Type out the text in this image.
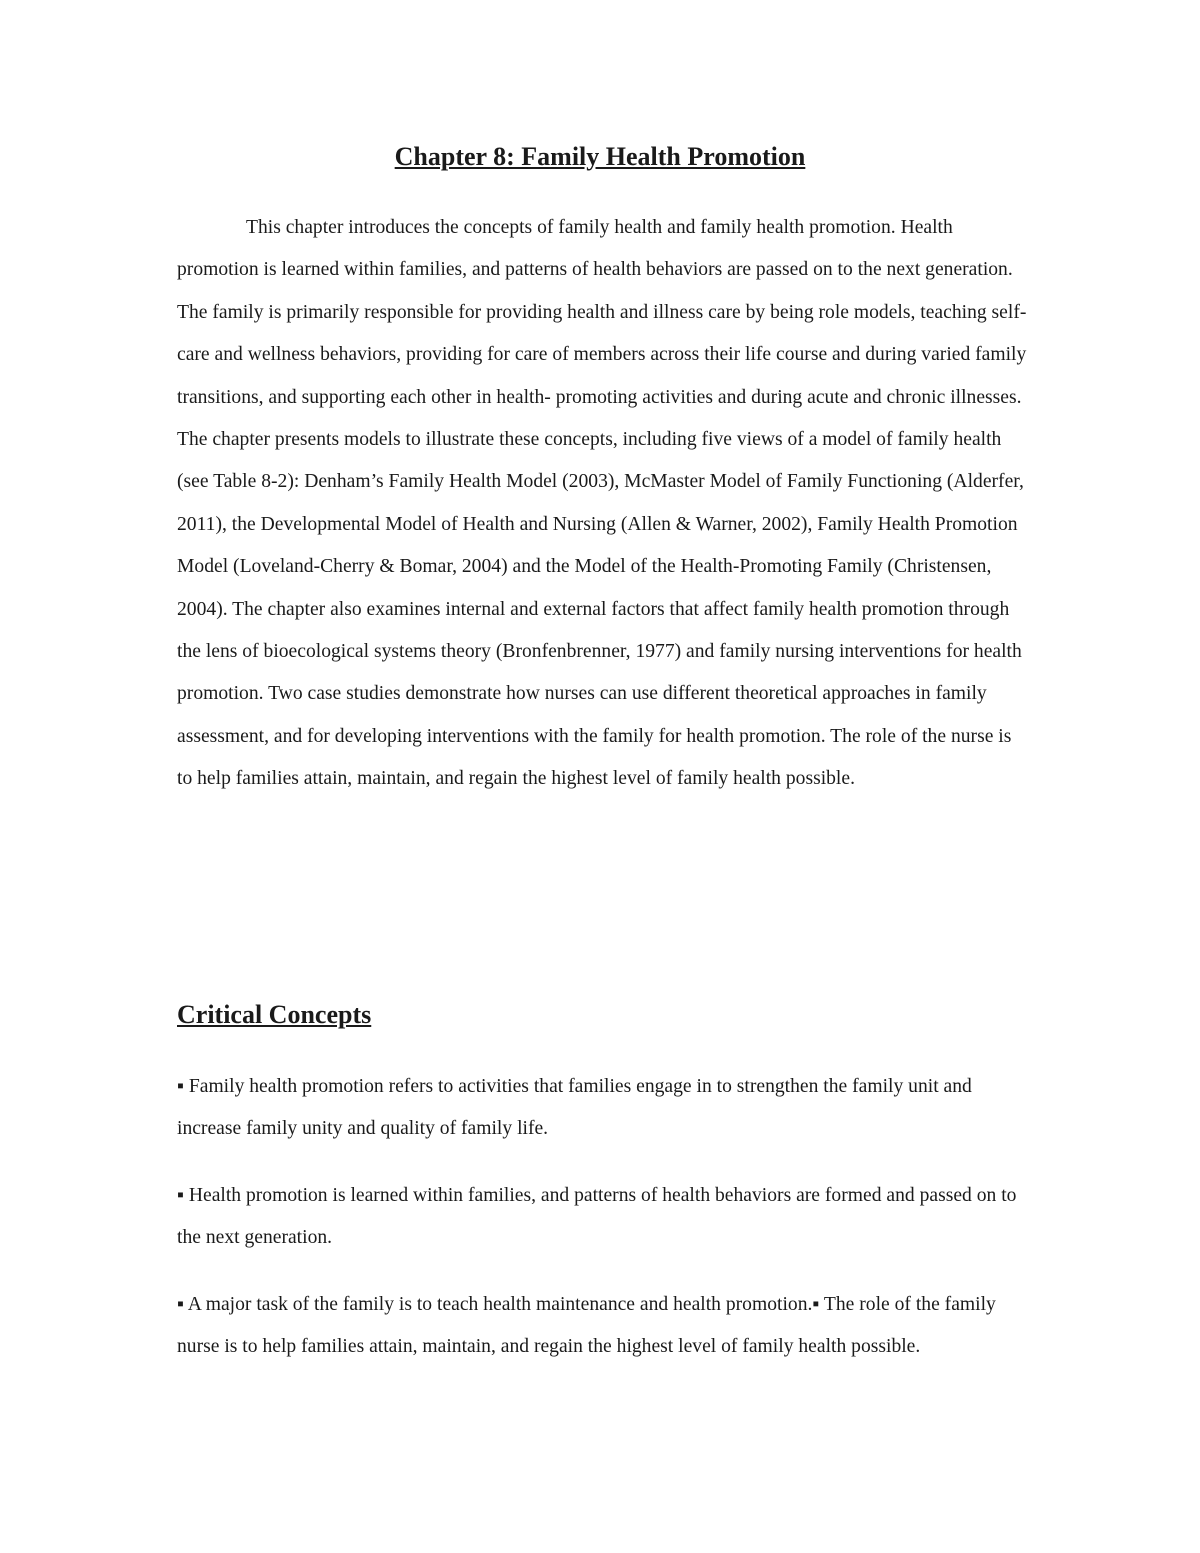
Chapter 8: Family Health Promotion

This chapter introduces the concepts of family health and family health promotion. Health promotion is learned within families, and patterns of health behaviors are passed on to the next generation. The family is primarily responsible for providing health and illness care by being role models, teaching self-care and wellness behaviors, providing for care of members across their life course and during varied family transitions, and supporting each other in health- promoting activities and during acute and chronic illnesses. The chapter presents models to illustrate these concepts, including five views of a model of family health (see Table 8-2): Denham’s Family Health Model (2003), McMaster Model of Family Functioning (Alderfer, 2011), the Developmental Model of Health and Nursing (Allen & Warner, 2002), Family Health Promotion Model (Loveland-Cherry & Bomar, 2004) and the Model of the Health-Promoting Family (Christensen, 2004). The chapter also examines internal and external factors that affect family health promotion through the lens of bioecological systems theory (Bronfenbrenner, 1977) and family nursing interventions for health promotion. Two case studies demonstrate how nurses can use different theoretical approaches in family assessment, and for developing interventions with the family for health promotion. The role of the nurse is to help families attain, maintain, and regain the highest level of family health possible.

Critical Concepts

▪ Family health promotion refers to activities that families engage in to strengthen the family unit and increase family unity and quality of family life.

▪ Health promotion is learned within families, and patterns of health behaviors are formed and passed on to the next generation.

▪ A major task of the family is to teach health maintenance and health promotion.▪ The role of the family nurse is to help families attain, maintain, and regain the highest level of family health possible.
